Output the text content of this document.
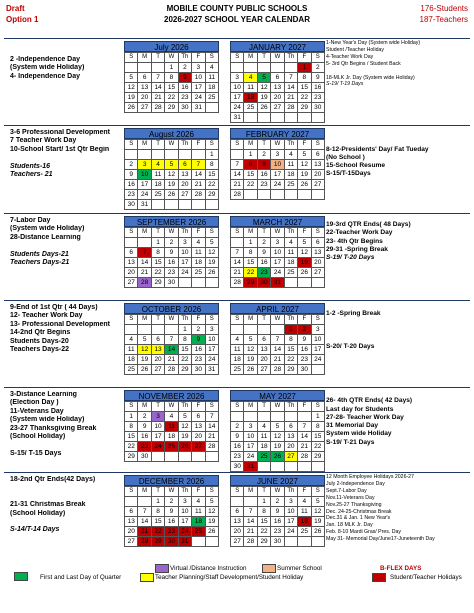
Draft
Option 1
MOBILE COUNTY PUBLIC SCHOOLS
2026-2027 SCHOOL YEAR CALENDAR
176-Students
187-Teachers
2 -Independence Day
(System wide Holiday)
4- Independence Day
July 2026
S	M	T	W	Th	F	S
			1	2	3	4
5	6	7	8	9	10	11
12	13	14	15	16	17	18
19	20	21	22	23	24	25
26	27	28	29	30	31	
JANUARY 2027
S	M	T	W	Th	F	S
					1	2
3	4	5	6	7	8	9
10	11	12	13	14	15	16
17	18	19	20	21	22	23
24	25	26	27	28	29	30
31						
1-New Year's Day (System wide Holiday)
Student /Teacher Holiday
4-Teacher Work Day
5- 3rd Qtr Begins / Student Back

18-MLK Jr. Day (System wide Holiday)
S-19/ T-19 Days
3-6 Professional Development
7 Teacher Work Day
10-School Start/ 1st Qtr Begin

Students-16
Teachers- 21
August 2026
S	M	T	W	Th	F	S
						1
2	3	4	5	6	7	8
9	10	11	12	13	14	15
16	17	18	19	20	21	22
23	24	25	26	27	28	29
30	31					
FEBRUARY 2027
S	M	T	W	Th	F	S
	1	2	3	4	5	6
7	8	9	10	11	12	13
14	15	16	17	18	19	20
21	22	23	24	25	26	27
28						

8-12-Presidents' Day/ Fat Tueday
(No School )
15-School Resume
S-15/T-15Days
7-Labor Day
(System wide Holiday)
28-Distance Learning

Students Days-21
Teachers Days-21
SEPTEMBER 2026
S	M	T	W	Th	F	S
		1	2	3	4	5
6	7	8	9	10	11	12
13	14	15	16	17	18	19
20	21	22	23	24	25	26
27	28	29	30			
MARCH 2027
S	M	T	W	Th	F	S
	1	2	3	4	5	6
7	8	9	10	11	12	13
14	15	16	17	18	19	20
21	22	23	24	25	26	27
28	29	30	31			
19-3rd QTR Ends( 48 Days)
22-Teacher Work Day
23- 4th Qtr Begins
29-31 -Spring Break
S-19/ T-20 Days
9-End of 1st Qtr ( 44 Days)
12- Teacher Work Day
13- Professional Development
14-2nd Qtr Begins
Students Days-20
Teachers Days-22
OCTOBER 2026
S	M	T	W	Th	F	S
				1	2	3
4	5	6	7	8	9	10
11	12	13	14	15	16	17
18	19	20	21	22	23	24
25	26	27	28	29	30	31
APRIL 2027
S	M	T	W	Th	F	S
				1	2	3
4	5	6	7	8	9	10
11	12	13	14	15	16	17
18	19	20	21	22	23	24
25	26	27	28	29	30	

1-2 -Spring Break

S-20/ T-20 Days
3-Distance Learning
(Election Day )
11-Veterans Day
(System wide Holiday)
23-27 Thanksgiving Break
(School Holiday)

S-15/ T-15 Days
NOVEMBER 2026
S	M	T	W	Th	F	S
1	2	3	4	5	6	7
8	9	10	11	12	13	14
15	16	17	18	19	20	21
22	23	24	25	26	27	28
29	30					
MAY 2027
S	M	T	W	Th	F	S
						1
2	3	4	5	6	7	8
9	10	11	12	13	14	15
16	17	18	19	20	21	22
23	24	25	26	27	28	29
30	31					

26- 4th QTR Ends( 42 Days)
Last day for Students
27-28- Teacher Work Day
31 Memorial Day
System wide Holiday
S-19/ T-21 Days
18-2nd Qtr Ends(42 Days)

21-31 Christmas Break
(School Holiday)

S-14/T-14 Days
DECEMBER 2026
S	M	T	W	Th	F	S
		1	2	3	4	5
6	7	8	9	10	11	12
13	14	15	16	17	18	19
20	21	22	23	24	25	26
27	28	29	30	31		
JUNE 2027
S	M	T	W	Th	F	S
		1	2	3	4	5
6	7	8	9	10	11	12
13	14	15	16	17	18	19
20	21	22	23	24	25	26
27	28	29	30			
12 Month Employee Holidays 2026-27
July 2-Independence Day
Sept.7-Labor Day
Nov.11-Veterans Day
Nov.25-27 Thanksgiving
Dec. 24-25-Christmas Break
Dec.31 & Jan. 1 New Year's
Jan. 18 MLK Jr. Day
Feb. 8-10 Mardi Gras/ Pres. Day
May 31- Memorial Day/June17-Juneteenth Day
Virtual /Distance Instruction	Summer School	B-FLEX DAYS
First and Last Day of Quarter	Teacher Planning/Staff Development/Student Holiday	Student/Teacher Holidays
